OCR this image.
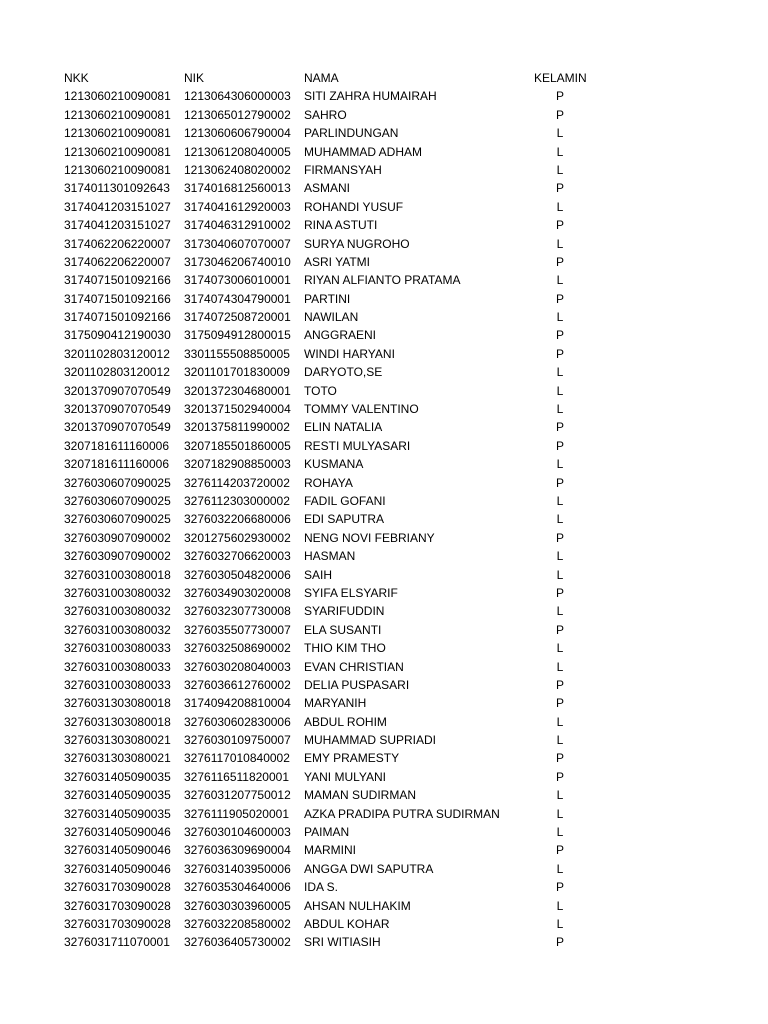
NKK	NIK	NAMA	KELAMIN
1213060210090081 1213064306000003 SITI ZAHRA HUMAIRAH	P
1213060210090081 1213065012790002 SAHRO	P
1213060210090081 1213060606790004 PARLINDUNGAN	L
1213060210090081 1213061208040005 MUHAMMAD ADHAM	L
1213060210090081 1213062408020002 FIRMANSYAH	L
3174011301092643 3174016812560013 ASMANI	P
3174041203151027 3174041612920003 ROHANDI YUSUF	L
3174041203151027 3174046312910002 RINA ASTUTI	P
3174062206220007 3173040607070007 SURYA NUGROHO	L
3174062206220007 3173046206740010 ASRI YATMI	P
3174071501092166 3174073006010001 RIYAN ALFIANTO PRATAMA	L
3174071501092166 3174074304790001 PARTINI	P
3174071501092166 3174072508720001 NAWILAN	L
3175090412190030 3175094912800015 ANGGRAENI	P
3201102803120012 3301155508850005 WINDI HARYANI	P
3201102803120012 3201101701830009 DARYOTO,SE	L
3201370907070549 3201372304680001 TOTO	L
3201370907070549 3201371502940004 TOMMY VALENTINO	L
3201370907070549 3201375811990002 ELIN NATALIA	P
3207181611160006 3207185501860005 RESTI MULYASARI	P
3207181611160006 3207182908850003 KUSMANA	L
3276030607090025 3276114203720002 ROHAYA	P
3276030607090025 3276112303000002 FADIL GOFANI	L
3276030607090025 3276032206680006 EDI SAPUTRA	L
3276030907090002 3201275602930002 NENG NOVI FEBRIANY	P
3276030907090002 3276032706620003 HASMAN	L
3276031003080018 3276030504820006 SAIH	L
3276031003080032 3276034903020008 SYIFA ELSYARIF	P
3276031003080032 3276032307730008 SYARIFUDDIN	L
3276031003080032 3276035507730007 ELA SUSANTI	P
3276031003080033 3276032508690002 THIO KIM THO	L
3276031003080033 3276030208040003 EVAN CHRISTIAN	L
3276031003080033 3276036612760002 DELIA PUSPASARI	P
3276031303080018 3174094208810004 MARYANIH	P
3276031303080018 3276030602830006 ABDUL ROHIM	L
3276031303080021 3276030109750007 MUHAMMAD SUPRIADI	L
3276031303080021 3276117010840002 EMY PRAMESTY	P
3276031405090035 3276116511820001 YANI MULYANI	P
3276031405090035 3276031207750012 MAMAN SUDIRMAN	L
3276031405090035 3276111905020001 AZKA PRADIPA PUTRA SUDIRMAN	L
3276031405090046 3276030104600003 PAIMAN	L
3276031405090046 3276036309690004 MARMINI	P
3276031405090046 3276031403950006 ANGGA DWI SAPUTRA	L
3276031703090028 3276035304640006 IDA S.	P
3276031703090028 3276030303960005 AHSAN NULHAKIM	L
3276031703090028 3276032208580002 ABDUL KOHAR	L
3276031711070001 3276036405730002 SRI WITIASIH	P
